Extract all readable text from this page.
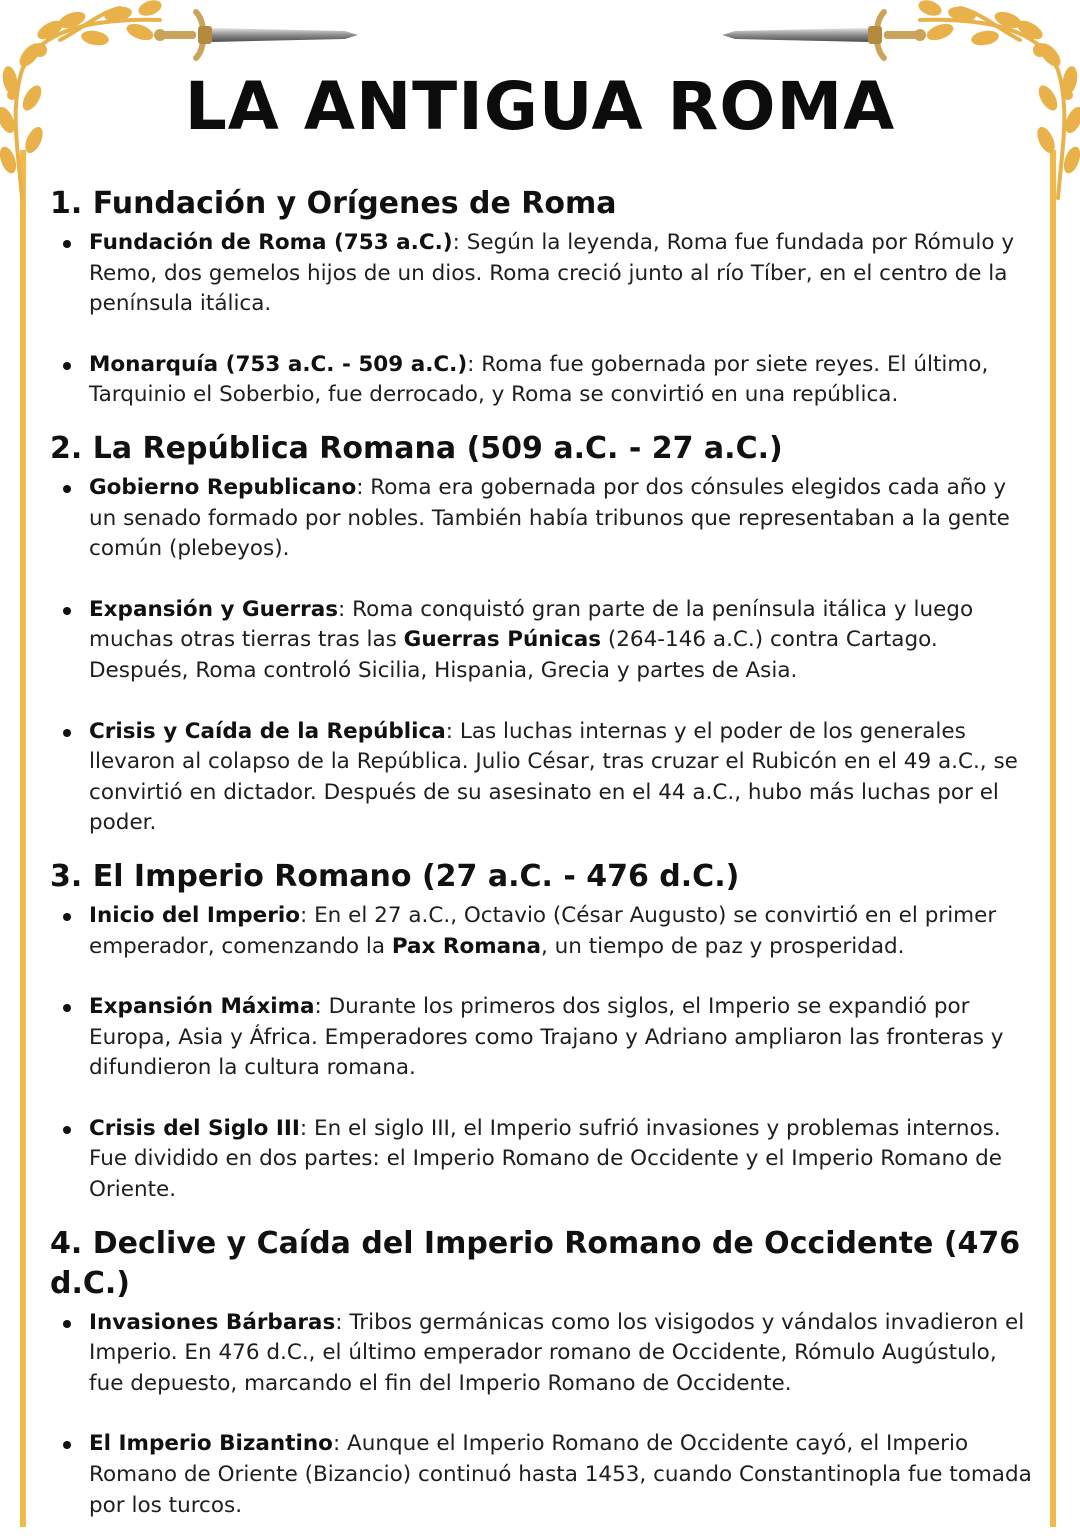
LA ANTIGUA ROMA
1. Fundación y Orígenes de Roma
Fundación de Roma (753 a.C.): Según la leyenda, Roma fue fundada por Rómulo y Remo, dos gemelos hijos de un dios. Roma creció junto al río Tíber, en el centro de la península itálica.
Monarquía (753 a.C. - 509 a.C.): Roma fue gobernada por siete reyes. El último, Tarquinio el Soberbio, fue derrocado, y Roma se convirtió en una república.
2. La República Romana (509 a.C. - 27 a.C.)
Gobierno Republicano: Roma era gobernada por dos cónsules elegidos cada año y un senado formado por nobles. También había tribunos que representaban a la gente común (plebeyos).
Expansión y Guerras: Roma conquistó gran parte de la península itálica y luego muchas otras tierras tras las Guerras Púnicas (264-146 a.C.) contra Cartago. Después, Roma controló Sicilia, Hispania, Grecia y partes de Asia.
Crisis y Caída de la República: Las luchas internas y el poder de los generales llevaron al colapso de la República. Julio César, tras cruzar el Rubicón en el 49 a.C., se convirtió en dictador. Después de su asesinato en el 44 a.C., hubo más luchas por el poder.
3. El Imperio Romano (27 a.C. - 476 d.C.)
Inicio del Imperio: En el 27 a.C., Octavio (César Augusto) se convirtió en el primer emperador, comenzando la Pax Romana, un tiempo de paz y prosperidad.
Expansión Máxima: Durante los primeros dos siglos, el Imperio se expandió por Europa, Asia y África. Emperadores como Trajano y Adriano ampliaron las fronteras y difundieron la cultura romana.
Crisis del Siglo III: En el siglo III, el Imperio sufrió invasiones y problemas internos. Fue dividido en dos partes: el Imperio Romano de Occidente y el Imperio Romano de Oriente.
4. Declive y Caída del Imperio Romano de Occidente (476 d.C.)
Invasiones Bárbaras: Tribos germánicas como los visigodos y vándalos invadieron el Imperio. En 476 d.C., el último emperador romano de Occidente, Rómulo Augústulo, fue depuesto, marcando el fin del Imperio Romano de Occidente.
El Imperio Bizantino: Aunque el Imperio Romano de Occidente cayó, el Imperio Romano de Oriente (Bizancio) continuó hasta 1453, cuando Constantinopla fue tomada por los turcos.
